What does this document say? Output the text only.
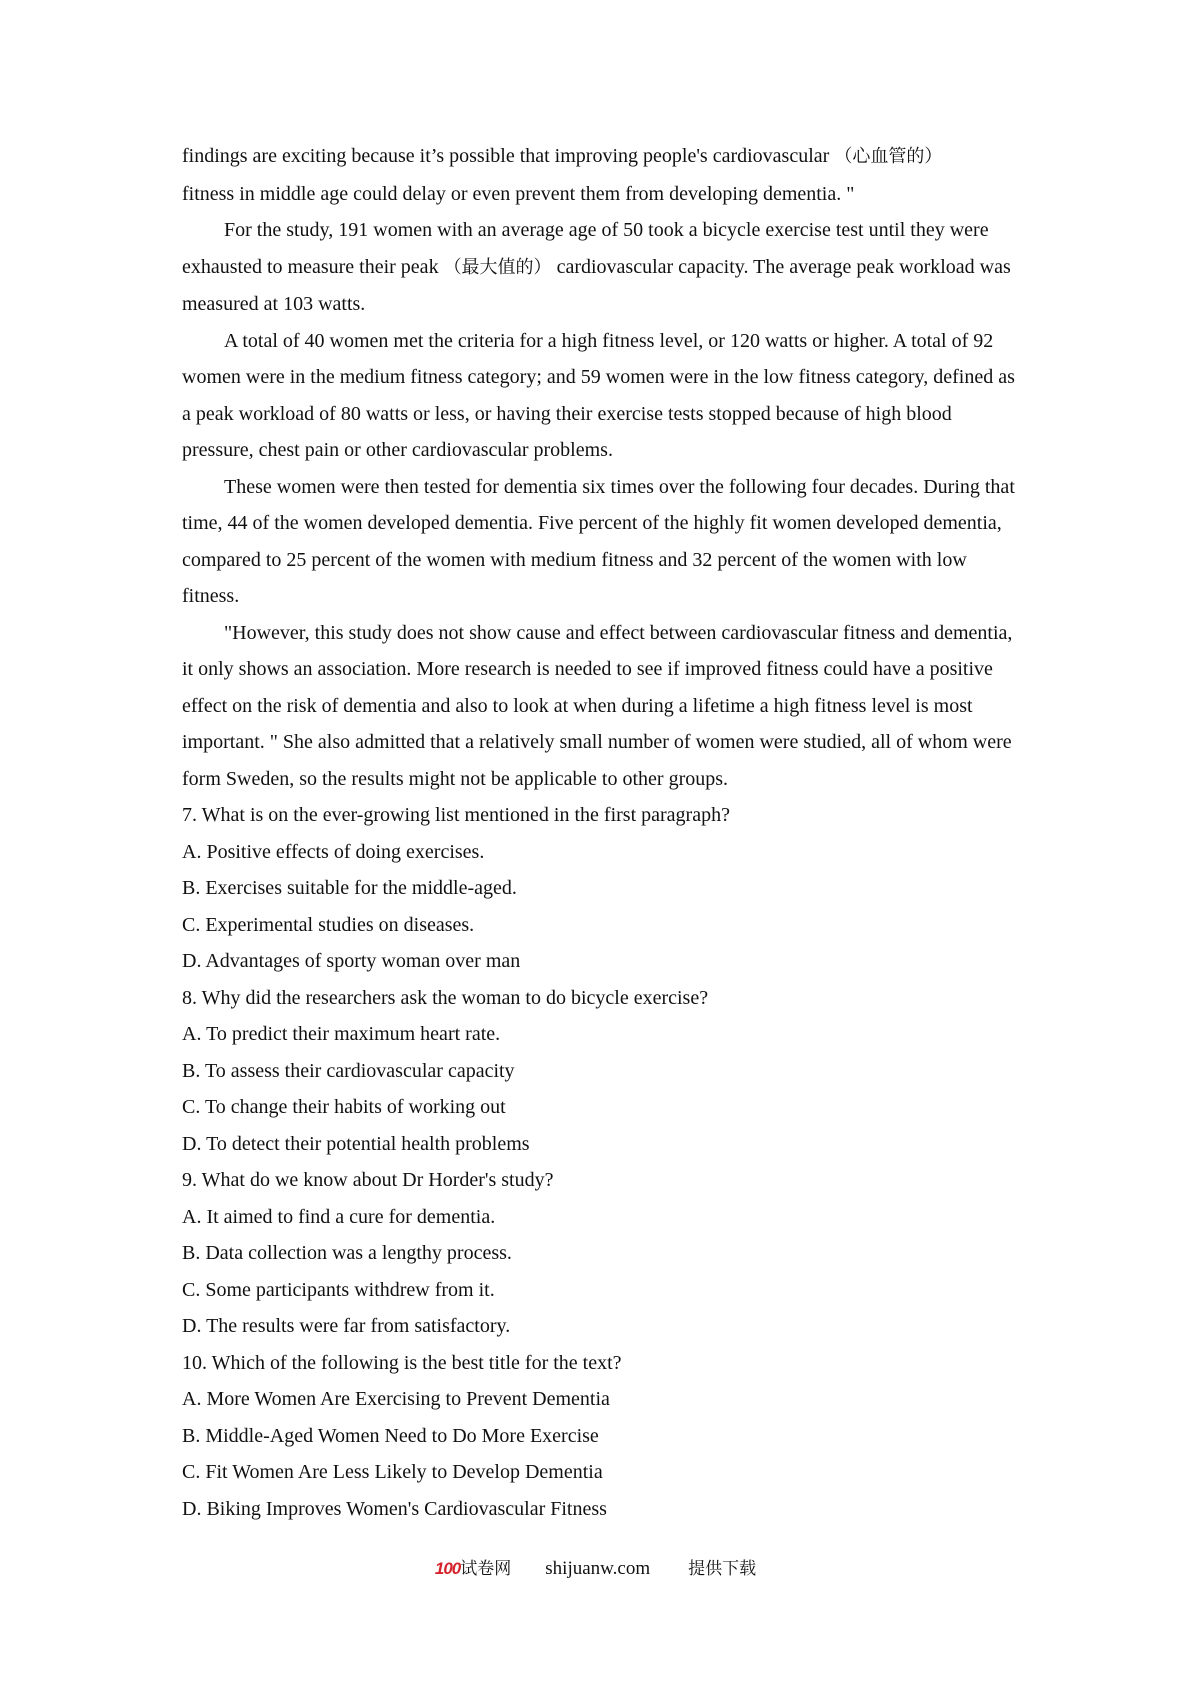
findings are exciting because it’s possible that improving people's cardiovascular （心血管的）

fitness in middle age could delay or even prevent them from developing dementia. "

For the study, 191 women with an average age of 50 took a bicycle exercise test until they were exhausted to measure their peak （最大值的） cardiovascular capacity. The average peak workload was measured at 103 watts.

A total of 40 women met the criteria for a high fitness level, or 120 watts or higher. A total of 92 women were in the medium fitness category; and 59 women were in the low fitness category, defined as a peak workload of 80 watts or less, or having their exercise tests stopped because of high blood pressure, chest pain or other cardiovascular problems.

These women were then tested for dementia six times over the following four decades. During that time, 44 of the women developed dementia. Five percent of the highly fit women developed dementia, compared to 25 percent of the women with medium fitness and 32 percent of the women with low fitness.

"However, this study does not show cause and effect between cardiovascular fitness and dementia, it only shows an association. More research is needed to see if improved fitness could have a positive effect on the risk of dementia and also to look at when during a lifetime a high fitness level is most important. " She also admitted that a relatively small number of women were studied, all of whom were form Sweden, so the results might not be applicable to other groups.

7. What is on the ever-growing list mentioned in the first paragraph?

A. Positive effects of doing exercises.

B. Exercises suitable for the middle-aged.

C. Experimental studies on diseases.

D. Advantages of sporty woman over man

8. Why did the researchers ask the woman to do bicycle exercise?

A. To predict their maximum heart rate.

B. To assess their cardiovascular capacity

C. To change their habits of working out

D. To detect their potential health problems

9. What do we know about Dr Horder's study?

A. It aimed to find a cure for dementia.

B. Data collection was a lengthy process.

C. Some participants withdrew from it.

D. The results were far from satisfactory.

10. Which of the following is the best title for the text?

A. More Women Are Exercising to Prevent Dementia

B. Middle-Aged Women Need to Do More Exercise

C. Fit Women Are Less Likely to Develop Dementia

D. Biking Improves Women's Cardiovascular Fitness

100试卷网 shijuanw.com 提供下载
